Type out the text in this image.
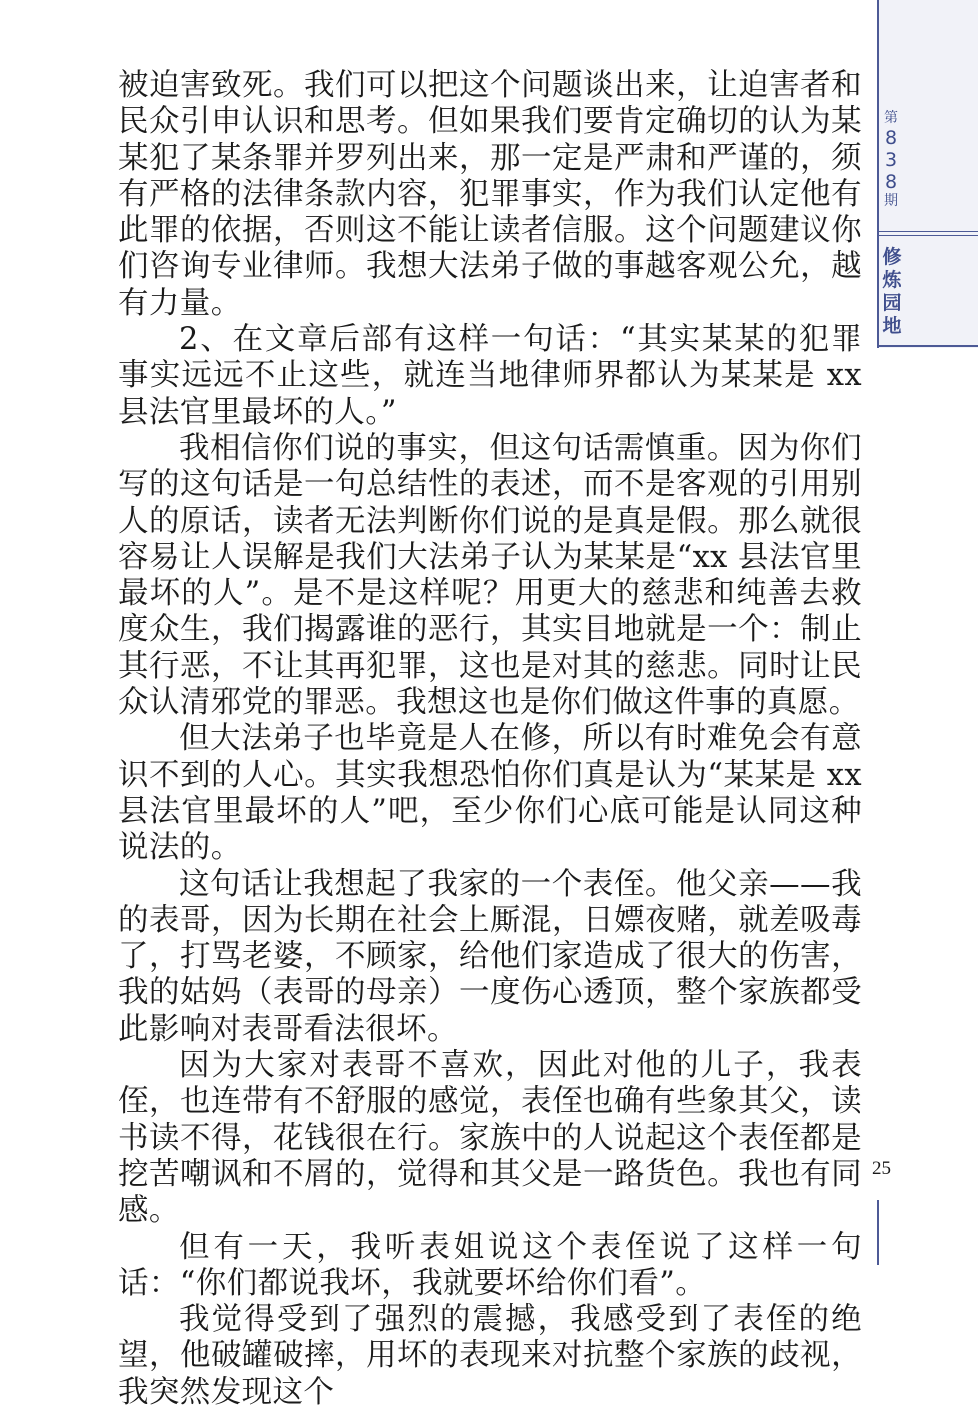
第
8
3
8
期
修
炼
园
地

被迫害致死。我们可以把这个问题谈出来，让迫害者和民众引申认识和思考。但如果我们要肯定确切的认为某某犯了某条罪并罗列出来，那一定是严肃和严谨的，须有严格的法律条款内容，犯罪事实，作为我们认定他有此罪的依据，否则这不能让读者信服。这个问题建议你们咨询专业律师。我想大法弟子做的事越客观公允，越有力量。

2、在文章后部有这样一句话：“其实某某的犯罪事实远远不止这些，就连当地律师界都认为某某是 xx 县法官里最坏的人。”

我相信你们说的事实，但这句话需慎重。因为你们写的这句话是一句总结性的表述，而不是客观的引用别人的原话，读者无法判断你们说的是真是假。那么就很容易让人误解是我们大法弟子认为某某是“xx 县法官里最坏的人”。是不是这样呢？用更大的慈悲和纯善去救度众生，我们揭露谁的恶行，其实目地就是一个：制止其行恶，不让其再犯罪，这也是对其的慈悲。同时让民众认清邪党的罪恶。我想这也是你们做这件事的真愿。

但大法弟子也毕竟是人在修，所以有时难免会有意识不到的人心。其实我想恐怕你们真是认为“某某是 xx 县法官里最坏的人”吧，至少你们心底可能是认同这种说法的。

这句话让我想起了我家的一个表侄。他父亲——我的表哥，因为长期在社会上厮混，日嫖夜赌，就差吸毒了，打骂老婆，不顾家，给他们家造成了很大的伤害，我的姑妈（表哥的母亲）一度伤心透顶，整个家族都受此影响对表哥看法很坏。

因为大家对表哥不喜欢，因此对他的儿子，我表侄，也连带有不舒服的感觉，表侄也确有些象其父，读书读不得，花钱很在行。家族中的人说起这个表侄都是挖苦嘲讽和不屑的，觉得和其父是一路货色。我也有同感。

但有一天，我听表姐说这个表侄说了这样一句话：“你们都说我坏，我就要坏给你们看”。

我觉得受到了强烈的震撼，我感受到了表侄的绝望，他破罐破摔，用坏的表现来对抗整个家族的歧视，我突然发现这个

25
